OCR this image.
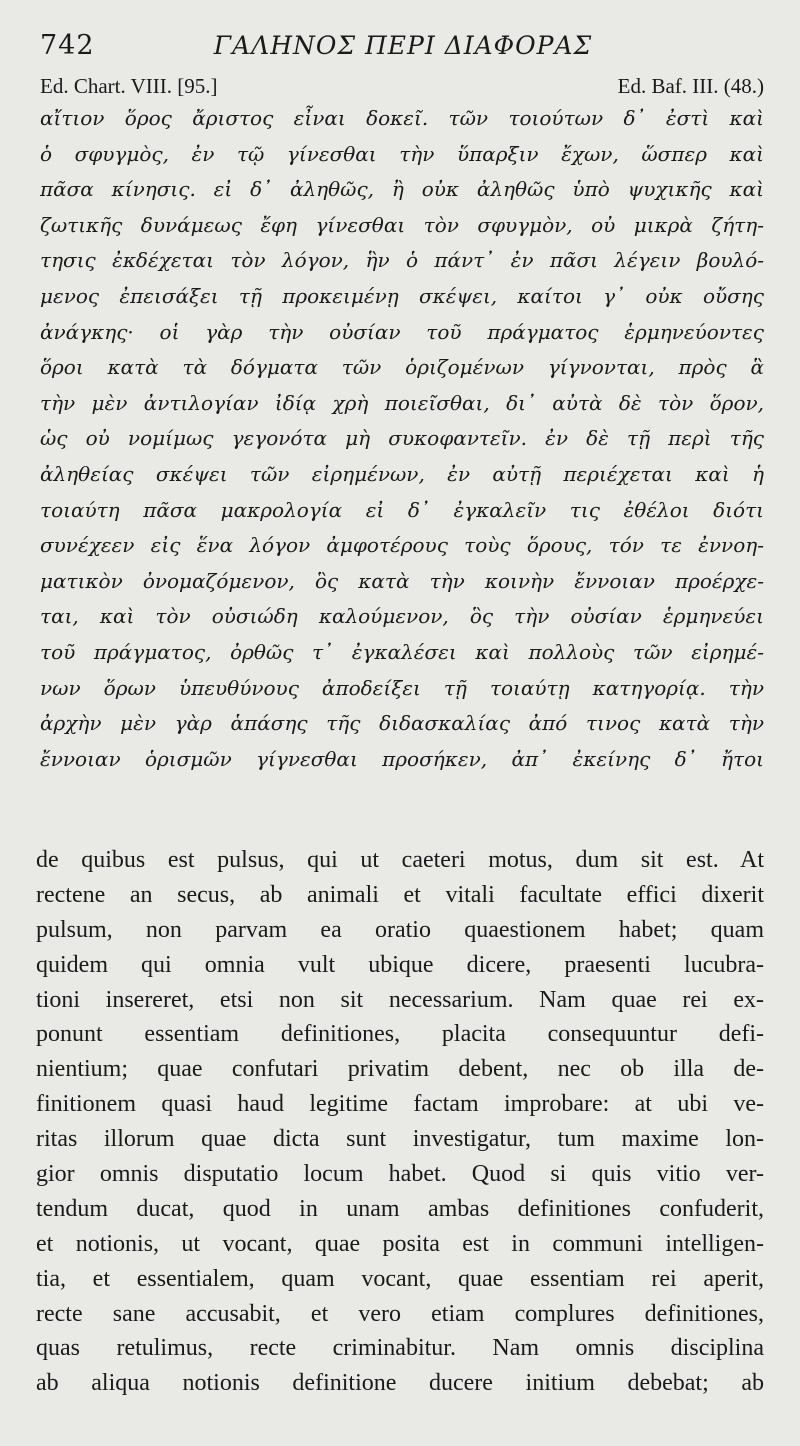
742	ΓΑΛΗΝΟΣ ΠΕΡΙ ΔΙΑΦΟΡΑΣ
Ed. Chart. VIII. [95.]	Ed. Baf. III. (48.)
αἴτιον ὅρος ἄριστος εἶναι δοκεῖ. τῶν τοιούτων δ᾽ ἐστὶ καὶ
ὁ σφυγμὸς, ἐν τῷ γίνεσθαι τὴν ὕπαρξιν ἔχων, ὥσπερ καὶ
πᾶσα κίνησις. εἰ δ᾽ ἀληθῶς, ἢ οὐκ ἀληθῶς ὑπὸ ψυχικῆς καὶ
ζωτικῆς δυνάμεως ἔφη γίνεσθαι τὸν σφυγμὸν, οὐ μικρὰ ζήτη-
τησις ἐκδέχεται τὸν λόγον, ἣν ὁ πάντ᾽ ἐν πᾶσι λέγειν βουλό-
μενος ἐπεισάξει τῇ προκειμένῃ σκέψει, καίτοι γ᾽ οὐκ οὔσης
ἀνάγκης· οἱ γὰρ τὴν οὐσίαν τοῦ πράγματος ἑρμηνεύοντες
ὅροι κατὰ τὰ δόγματα τῶν ὁριζομένων γίγνονται, πρὸς ἃ
τὴν μὲν ἀντιλογίαν ἰδίᾳ χρὴ ποιεῖσθαι, δι᾽ αὐτὰ δὲ τὸν ὅρον,
ὡς οὐ νομίμως γεγονότα μὴ συκοφαντεῖν. ἐν δὲ τῇ περὶ τῆς
ἀληθείας σκέψει τῶν εἰρημένων, ἐν αὐτῇ περιέχεται καὶ ἡ
τοιαύτη πᾶσα μακρολογία εἰ δ᾽ ἐγκαλεῖν τις ἐθέλοι διότι
συνέχεεν εἰς ἕνα λόγον ἀμφοτέρους τοὺς ὅρους, τόν τε ἐννοη-
ματικὸν ὀνομαζόμενον, ὃς κατὰ τὴν κοινὴν ἔννοιαν προέρχε-
ται, καὶ τὸν οὐσιώδη καλούμενον, ὃς τὴν οὐσίαν ἑρμηνεύει
τοῦ πράγματος, ὀρθῶς τ᾽ ἐγκαλέσει καὶ πολλοὺς τῶν εἰρημέ-
νων ὅρων ὑπευθύνους ἀποδείξει τῇ τοιαύτῃ κατηγορίᾳ. τὴν
ἀρχὴν μὲν γὰρ ἁπάσης τῆς διδασκαλίας ἀπό τινος κατὰ τὴν
ἔννοιαν ὁρισμῶν γίγνεσθαι προσήκεν, ἀπ᾽ ἐκείνης δ᾽ ἤτοι
de quibus est pulsus, qui ut caeteri motus, dum sit est. At
rectene an secus, ab animali et vitali facultate effici dixerit
pulsum, non parvam ea oratio quaestionem habet; quam
quidem qui omnia vult ubique dicere, praesenti lucubra-
tioni insereret, etsi non sit necessarium. Nam quae rei ex-
ponunt essentiam definitiones, placita consequuntur defi-
nientium; quae confutari privatim debent, nec ob illa de-
finitionem quasi haud legitime factam improbare: at ubi ve-
ritas illorum quae dicta sunt investigatur, tum maxime lon-
gior omnis disputatio locum habet. Quod si quis vitio ver-
tendum ducat, quod in unam ambas definitiones confuderit,
et notionis, ut vocant, quae posita est in communi intelligen-
tia, et essentialem, quam vocant, quae essentiam rei aperit,
recte sane accusabit, et vero etiam complures definitiones,
quas retulimus, recte criminabitur. Nam omnis disciplina
ab aliqua notionis definitione ducere initium debebat; ab
